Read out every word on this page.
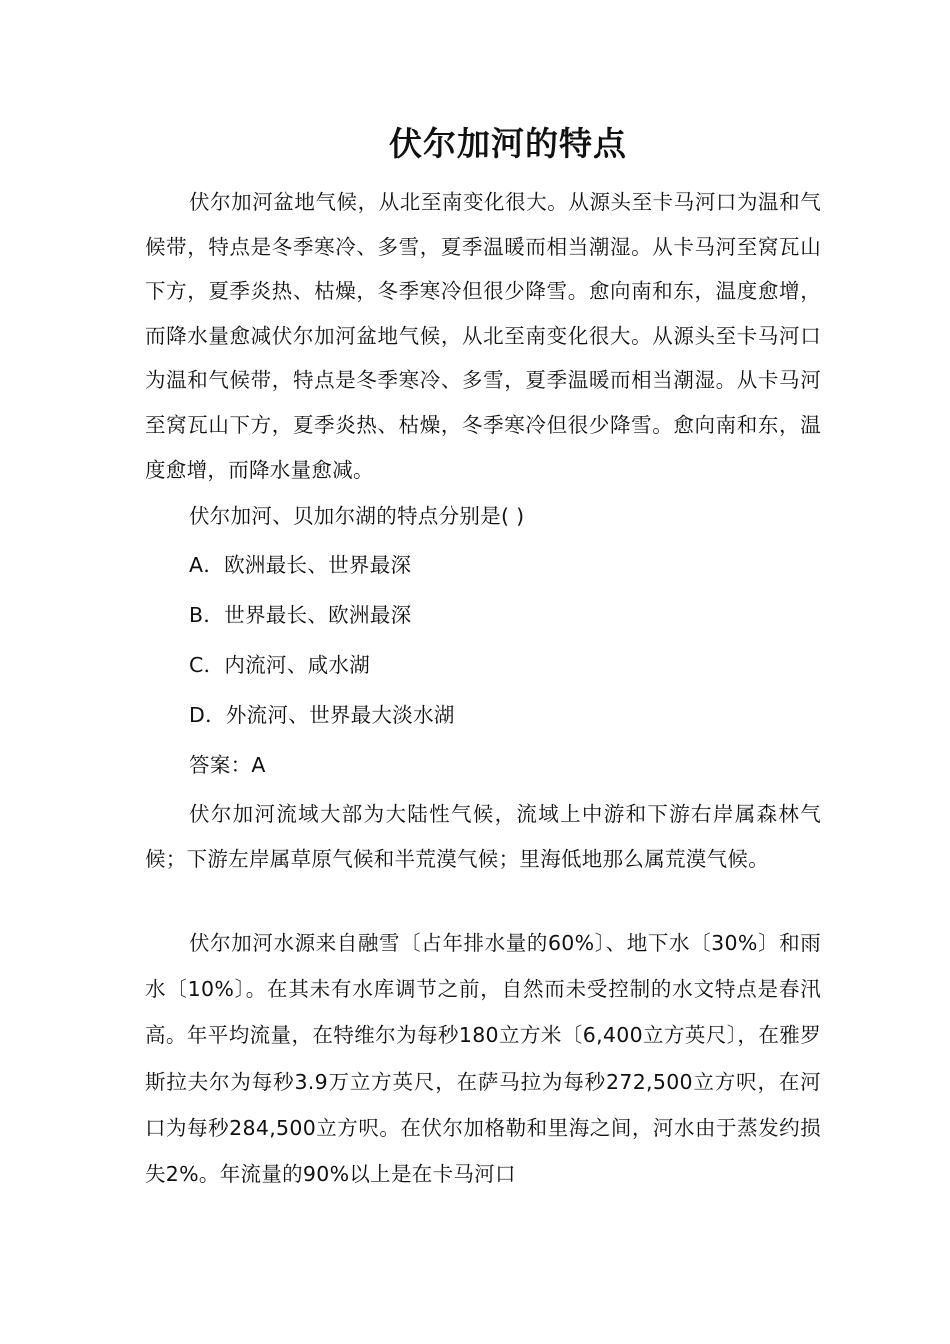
伏尔加河的特点

伏尔加河盆地气候，从北至南变化很大。从源头至卡马河口为温和气候带，特点是冬季寒冷、多雪，夏季温暖而相当潮湿。从卡马河至窝瓦山下方，夏季炎热、枯燥，冬季寒冷但很少降雪。愈向南和东，温度愈增，而降水量愈减伏尔加河盆地气候，从北至南变化很大。从源头至卡马河口为温和气候带，特点是冬季寒冷、多雪，夏季温暖而相当潮湿。从卡马河至窝瓦山下方，夏季炎热、枯燥，冬季寒冷但很少降雪。愈向南和东，温度愈增，而降水量愈减。

伏尔加河、贝加尔湖的特点分别是( )

A．欧洲最长、世界最深

B．世界最长、欧洲最深

C．内流河、咸水湖

D．外流河、世界最大淡水湖

答案：A

伏尔加河流域大部为大陆性气候，流域上中游和下游右岸属森林气候；下游左岸属草原气候和半荒漠气候；里海低地那么属荒漠气候。

伏尔加河水源来自融雪〔占年排水量的60%〕、地下水〔30%〕和雨水〔10%〕。在其未有水库调节之前，自然而未受控制的水文特点是春汛高。年平均流量，在特维尔为每秒180立方米〔6,400立方英尺〕，在雅罗斯拉夫尔为每秒3.9万立方英尺，在萨马拉为每秒272,500立方呎，在河口为每秒284,500立方呎。在伏尔加格勒和里海之间，河水由于蒸发约损失2%。年流量的90%以上是在卡马河口
